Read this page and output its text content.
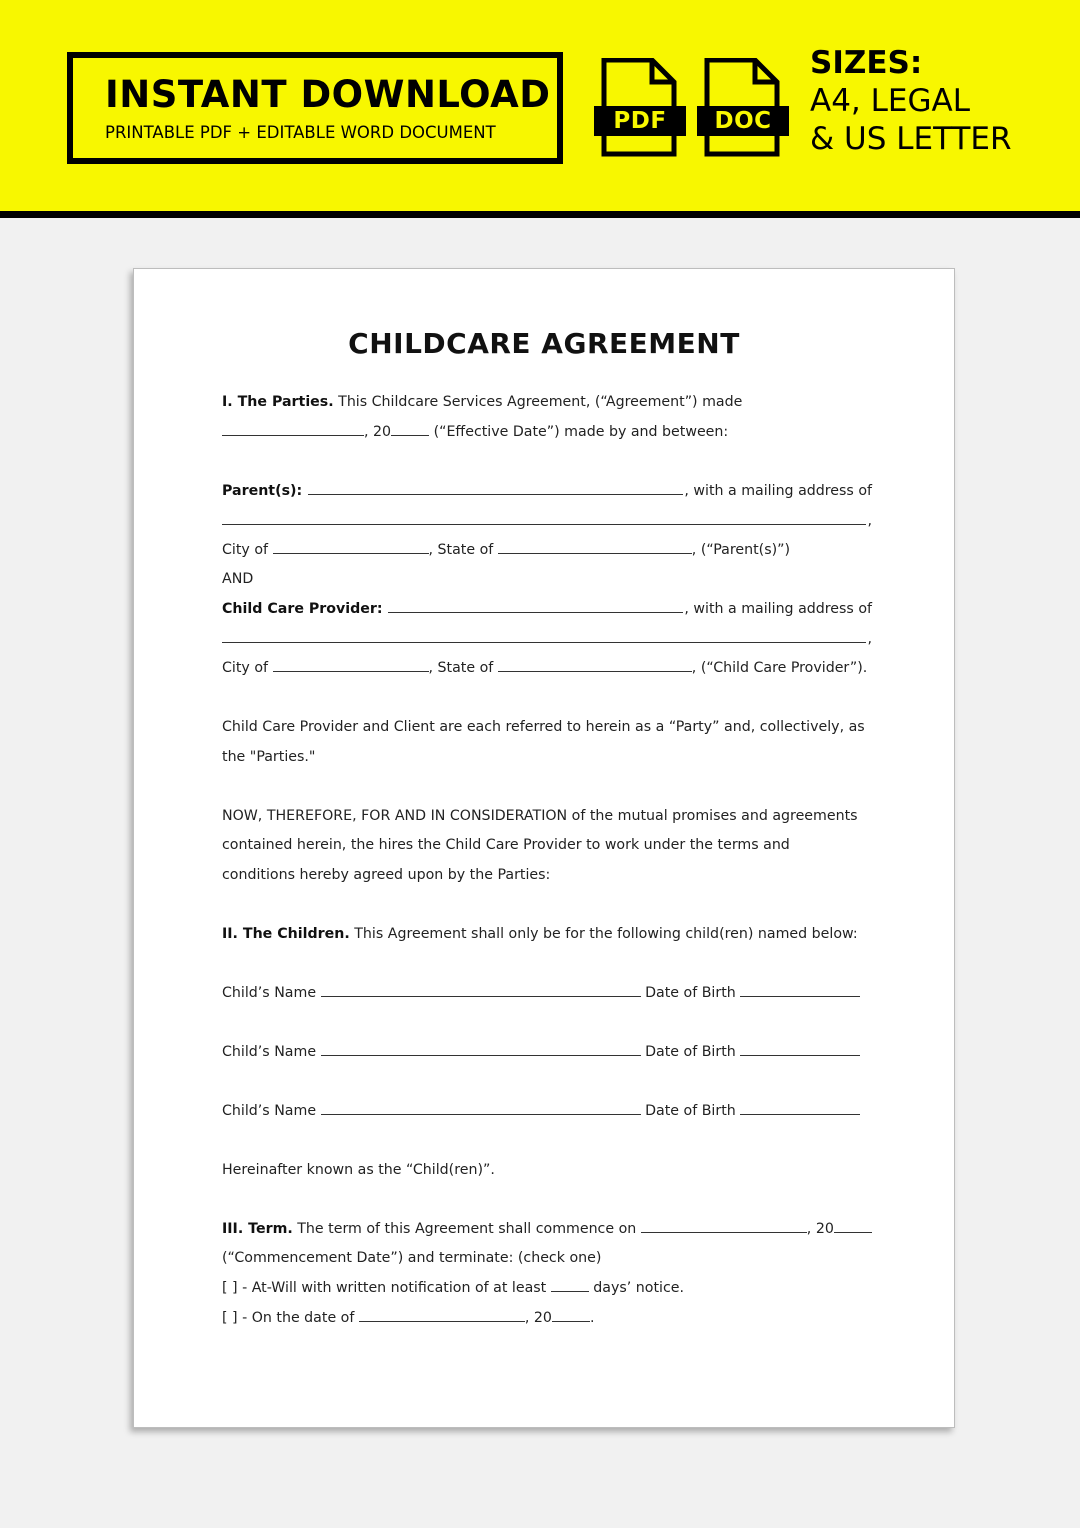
INSTANT DOWNLOAD
PRINTABLE PDF + EDITABLE WORD DOCUMENT	PDF	DOC
SIZES:
A4, LEGAL
& US LETTER
CHILDCARE AGREEMENT
I. The Parties. This Childcare Services Agreement, (“Agreement”) made
, 20	(“Effective Date”) made by and between:
Parent(s):
	, with a mailing address of
,
City of	, State of	, (“Parent(s)”)
AND
Child Care Provider:
	, with a mailing address of
,
City of	, State of	, (“Child Care Provider”).
Child Care Provider and Client are each referred to herein as a “Party” and, collectively, as
the "Parties."
NOW, THEREFORE, FOR AND IN CONSIDERATION of the mutual promises and agreements
contained herein, the hires the Child Care Provider to work under the terms and
conditions hereby agreed upon by the Parties:
II. The Children. This Agreement shall only be for the following child(ren) named below:
Child’s Name	Date of Birth
Child’s Name	Date of Birth
Child’s Name	Date of Birth
Hereinafter known as the “Child(ren)”.
III. Term. The term of this Agreement shall commence on	, 20
(“Commencement Date”) and terminate: (check one)
[ ] - At-Will with written notification of at least	days’ notice.
[ ] - On the date of	, 20	.
